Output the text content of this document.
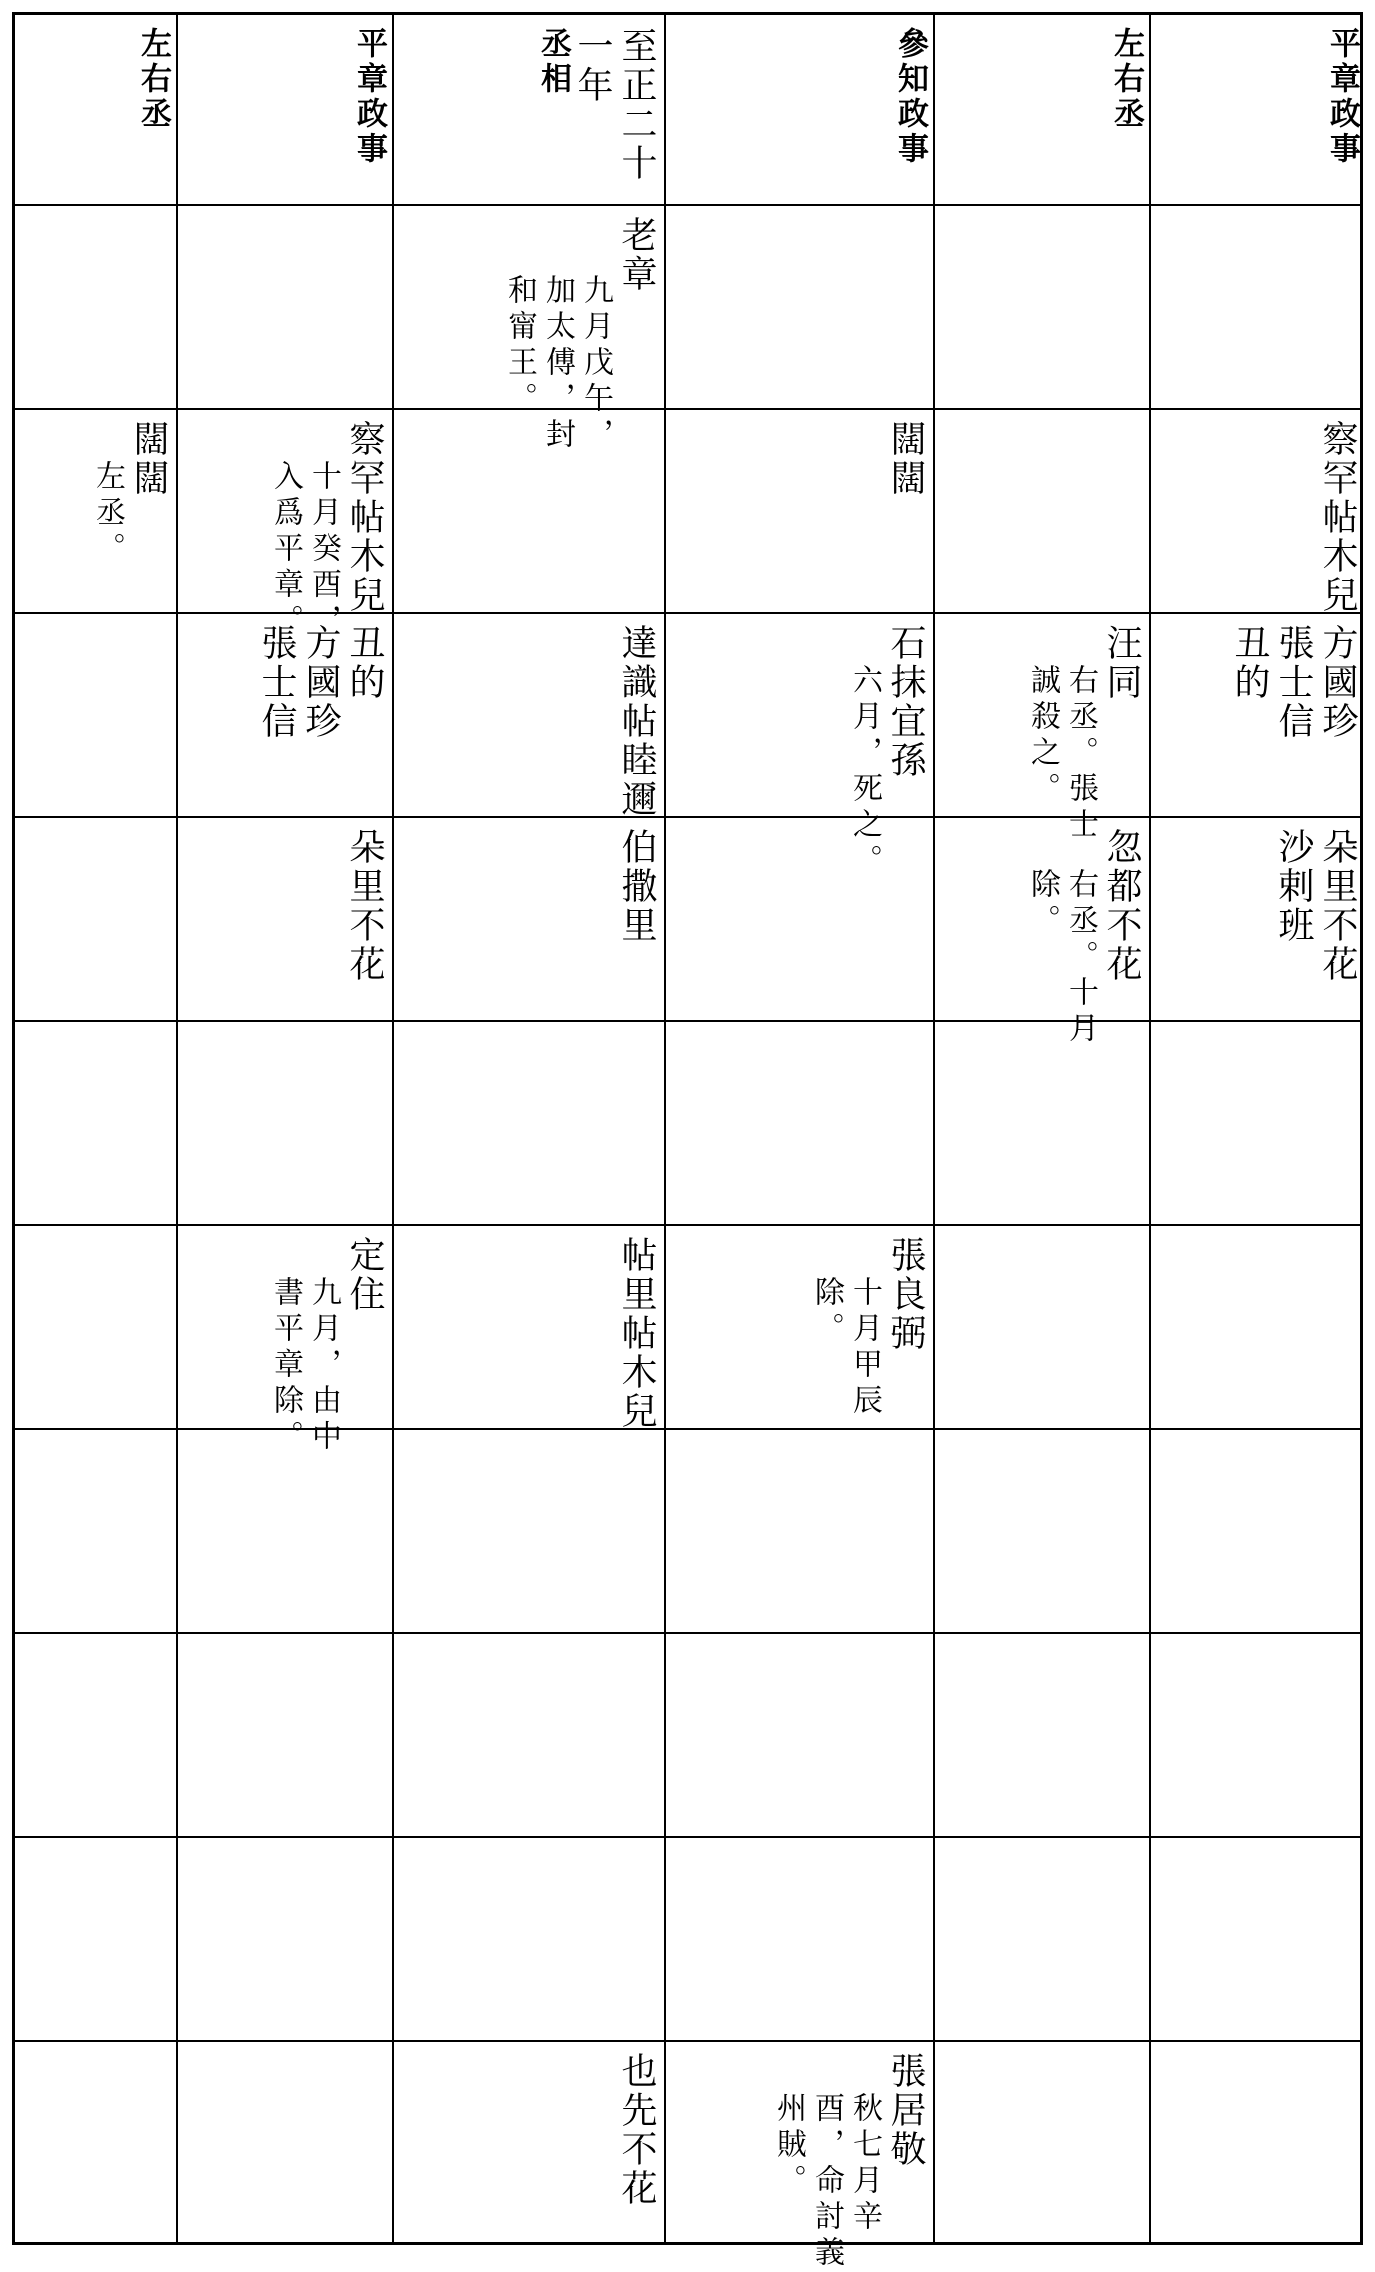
平章政事
左右丞
參知政事
至正二十
一年
丞相
平章政事
左右丞
老章
九月戊午，
加太傅，封
和甯王。
察罕帖木兒
闊闊
察罕帖木兒
十月癸酉，
入爲平章。
闊闊
左丞。
方國珍
張士信
丑的
汪同
右丞。張士
誠殺之。
石抹宜孫
六月，死之。
達識帖睦邇
丑的
方國珍
張士信
朵里不花
沙剌班
忽都不花
右丞。十月
除。
伯撒里
朵里不花
張良弼
十月甲辰
除。
帖里帖木兒
定住
九月，由中
書平章除。
張居敬
秋七月辛
酉，命討義
州賊。
也先不花
